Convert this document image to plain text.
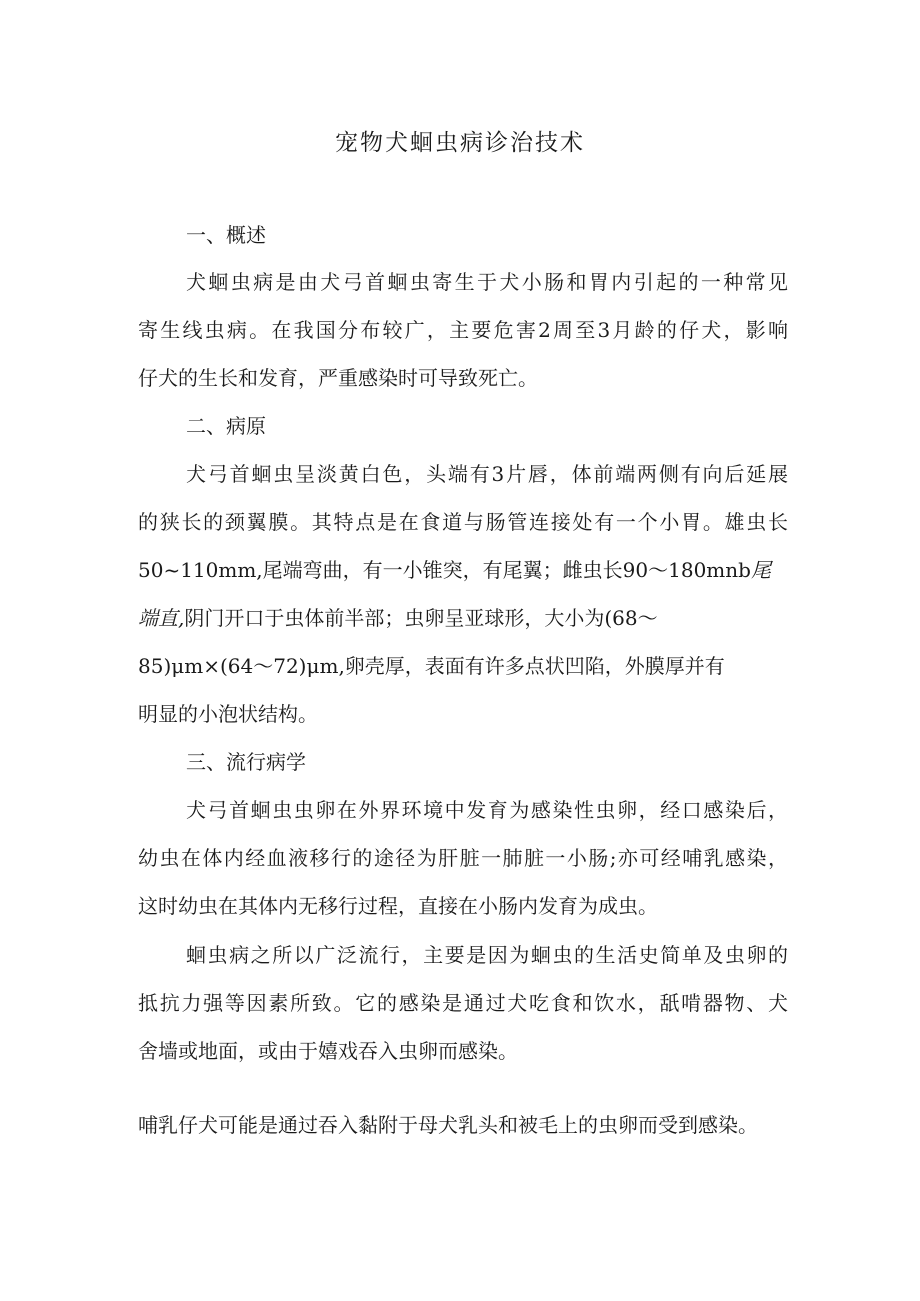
宠物犬蛔虫病诊治技术
一、概述
犬蛔虫病是由犬弓首蛔虫寄生于犬小肠和胃内引起的一种常见
寄生线虫病。在我国分布较广，主要危害2周至3月龄的仔犬，影响
仔犬的生长和发育，严重感染时可导致死亡。
二、病原
犬弓首蛔虫呈淡黄白色，头端有3片唇，体前端两侧有向后延展
的狭长的颈翼膜。其特点是在食道与肠管连接处有一个小胃。雄虫长
50~110mm,尾端弯曲，有一小锥突，有尾翼；雌虫长90～180mnb尾
端直,阴门开口于虫体前半部；虫卵呈亚球形，大小为(68～
85)μm×(64～72)μm,卵壳厚，表面有许多点状凹陷，外膜厚并有
明显的小泡状结构。
三、流行病学
犬弓首蛔虫虫卵在外界环境中发育为感染性虫卵，经口感染后，
幼虫在体内经血液移行的途径为肝脏一肺脏一小肠;亦可经哺乳感染，
这时幼虫在其体内无移行过程，直接在小肠内发育为成虫。
蛔虫病之所以广泛流行，主要是因为蛔虫的生活史简单及虫卵的
抵抗力强等因素所致。它的感染是通过犬吃食和饮水，舐啃器物、犬
舍墙或地面，或由于嬉戏吞入虫卵而感染。
哺乳仔犬可能是通过吞入黏附于母犬乳头和被毛上的虫卵而受到感染。
